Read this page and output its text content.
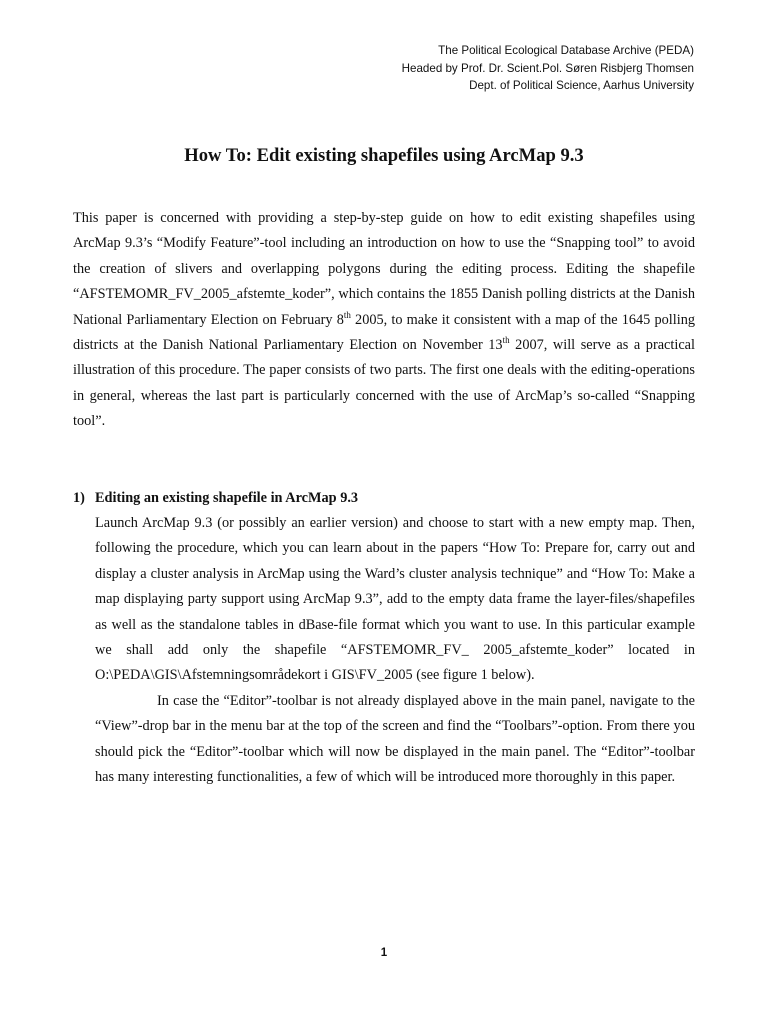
The Political Ecological Database Archive (PEDA)
Headed by Prof. Dr. Scient.Pol. Søren Risbjerg Thomsen
Dept. of Political Science, Aarhus University
How To: Edit existing shapefiles using ArcMap 9.3

This paper is concerned with providing a step-by-step guide on how to edit existing shapefiles using ArcMap 9.3’s “Modify Feature”-tool including an introduction on how to use the “Snapping tool” to avoid the creation of slivers and overlapping polygons during the editing process. Editing the shapefile “AFSTEMOMR_FV_2005_afstemte_koder”, which contains the 1855 Danish polling districts at the Danish National Parliamentary Election on February 8th 2005, to make it consistent with a map of the 1645 polling districts at the Danish National Parliamentary Election on November 13th 2007, will serve as a practical illustration of this procedure. The paper consists of two parts. The first one deals with the editing-operations in general, whereas the last part is particularly concerned with the use of ArcMap’s so-called “Snapping tool”.

1) Editing an existing shapefile in ArcMap 9.3

Launch ArcMap 9.3 (or possibly an earlier version) and choose to start with a new empty map. Then, following the procedure, which you can learn about in the papers “How To: Prepare for, carry out and display a cluster analysis in ArcMap using the Ward’s cluster analysis technique” and “How To: Make a map displaying party support using ArcMap 9.3”, add to the empty data frame the layer-files/shapefiles as well as the standalone tables in dBase-file format which you want to use. In this particular example we shall add only the shapefile “AFSTEMOMR_FV_ 2005_afstemte_koder” located in O:\PEDA\GIS\Afstemningsområdekort i GIS\FV_2005 (see figure 1 below).

In case the “Editor”-toolbar is not already displayed above in the main panel, navigate to the “View”-drop bar in the menu bar at the top of the screen and find the “Toolbars”-option. From there you should pick the “Editor”-toolbar which will now be displayed in the main panel. The “Editor”-toolbar has many interesting functionalities, a few of which will be introduced more thoroughly in this paper.

1
